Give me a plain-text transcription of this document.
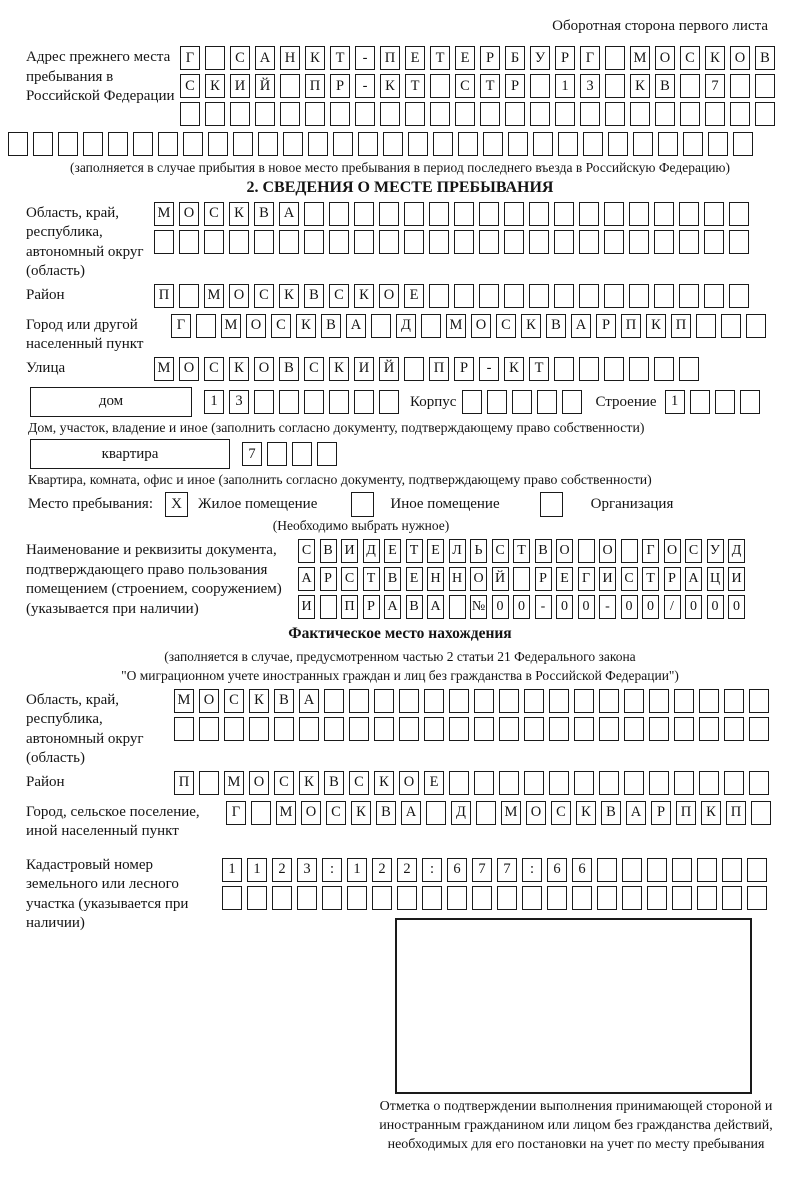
Оборотная сторона первого листа
Адрес прежнего места пребывания в Российской Федерации
Г	С	А	Н	К	Т	-	П	Е	Т	Е	Р	Б	У	Р	Г	М О	С	К	О	В
С	К	И	Й	П	Р	-	К	Т	С	Т	Р	1	3	К	В	7
(заполняется в случае прибытия в новое место пребывания в период последнего въезда в Российскую Федерацию)
2. СВЕДЕНИЯ О МЕСТЕ ПРЕБЫВАНИЯ
Область, край, республика, автономный округ (область)
М О	С	К	В	А
Район	П	М О	С	К	В	С	К	О	Е
Город или другой населенный пункт
Г	М О	С	К	В	А	Д	М О	С	К	В	А	Р	П	К	П
Улица	М О	С	К	О	В	С	К	И	Й	П	Р	-	К	Т
дом	1	3	Корпус	Строение 1
Дом, участок, владение и иное (заполнить согласно документу, подтверждающему право собственности)
квартира	7
Квартира, комната, офис и иное (заполнить согласно документу, подтверждающему право собственности)
Место пребывания:	X	Жилое помещение	Иное помещение	Организация
(Необходимо выбрать нужное)
Наименование и реквизиты документа, подтверждающего право пользования помещением (строением, сооружением) (указывается при наличии)
С В И Д Е Т Е Л Ь С Т В О О	Г О С У Д
А Р С Т В Е Н Н О Й	Р Е Г И С Т Р А Ц И
И П Р А В А № 0	0	-	0	0	-	0	0	/	0	0	0
Фактическое место нахождения
(заполняется в случае, предусмотренном частью 2 статьи 21 Федерального закона
"О миграционном учете иностранных граждан и лиц без гражданства в Российской Федерации")
Область, край, республика, автономный округ (область)
М О	С	К	В	А
Район	П	М О	С	К	В	С	К	О	Е
Город, сельское поселение, иной населенный пункт
Г	М О	С	К	В	А	Д	М О	С	К	В	А	Р	П	К	П
Кадастровый номер земельного или лесного участка (указывается при наличии)
1	1	2	3	:	1	2	2	:	6	7	7	:	6	6
Отметка о подтверждении выполнения принимающей стороной и иностранным гражданином или лицом без гражданства действий, необходимых для его постановки на учет по месту пребывания
